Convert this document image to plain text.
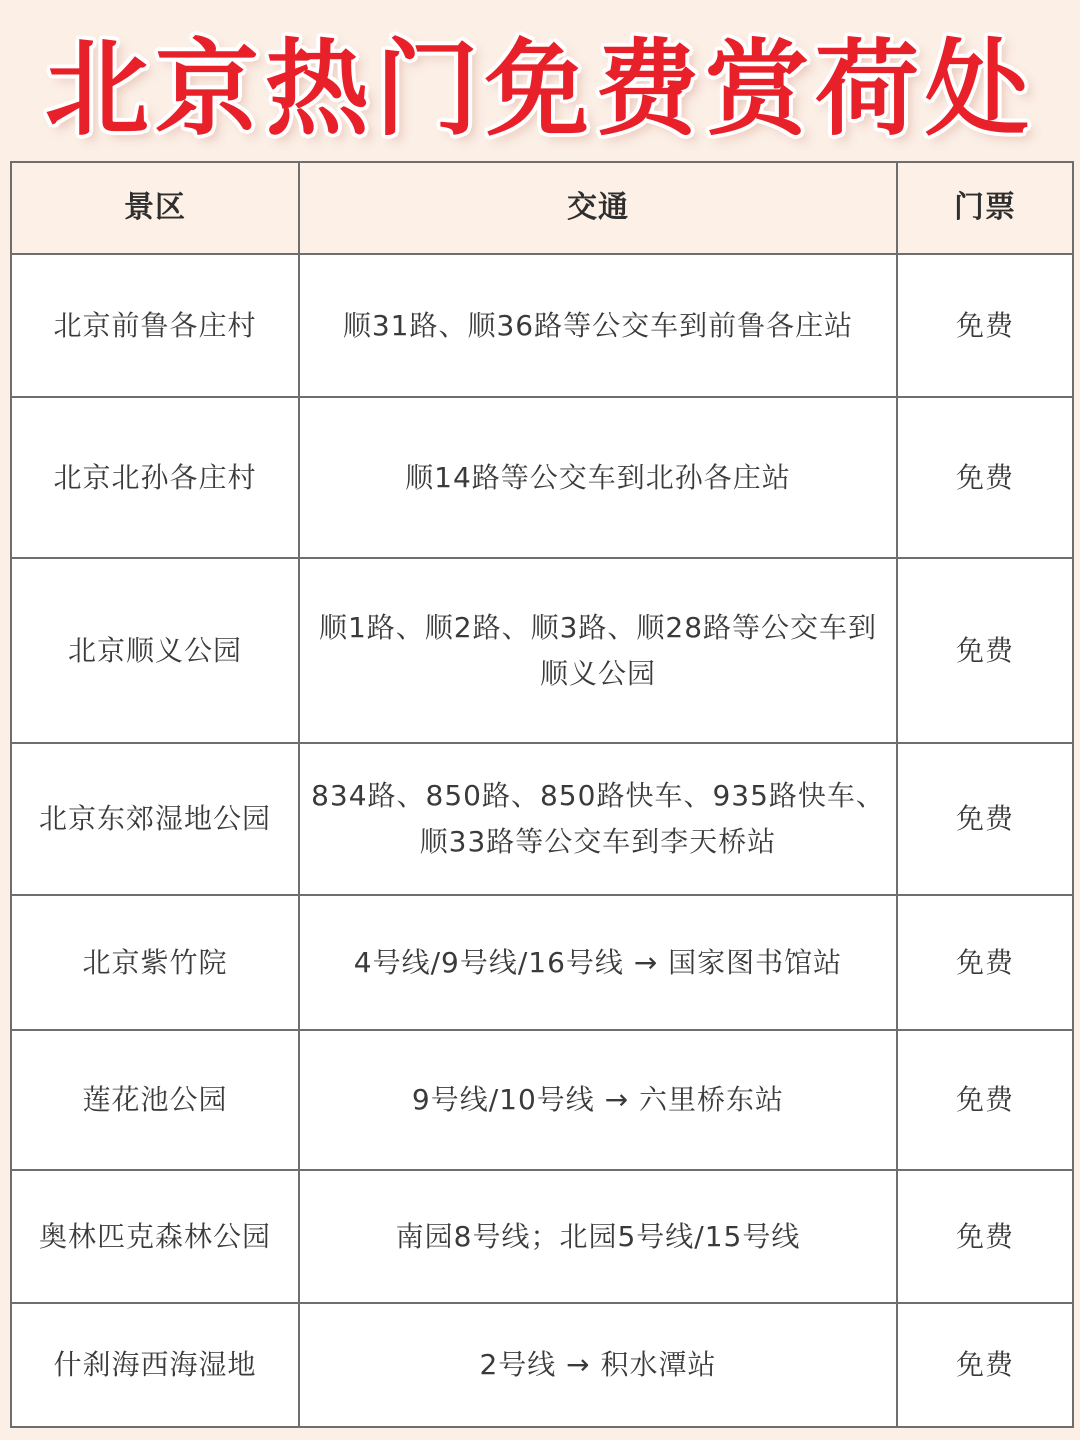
北京热门免费赏荷处
景区	交通	门票
北京前鲁各庄村	顺31路、顺36路等公交车到前鲁各庄站	免费
北京北孙各庄村	顺14路等公交车到北孙各庄站	免费
北京顺义公园	顺1路、顺2路、顺3路、顺28路等公交车到顺义公园	免费
北京东郊湿地公园	834路、850路、850路快车、935路快车、顺33路等公交车到李天桥站	免费
北京紫竹院	4号线/9号线/16号线 → 国家图书馆站	免费
莲花池公园	9号线/10号线 → 六里桥东站	免费
奥林匹克森林公园	南园8号线；北园5号线/15号线	免费
什刹海西海湿地	2号线 → 积水潭站	免费
